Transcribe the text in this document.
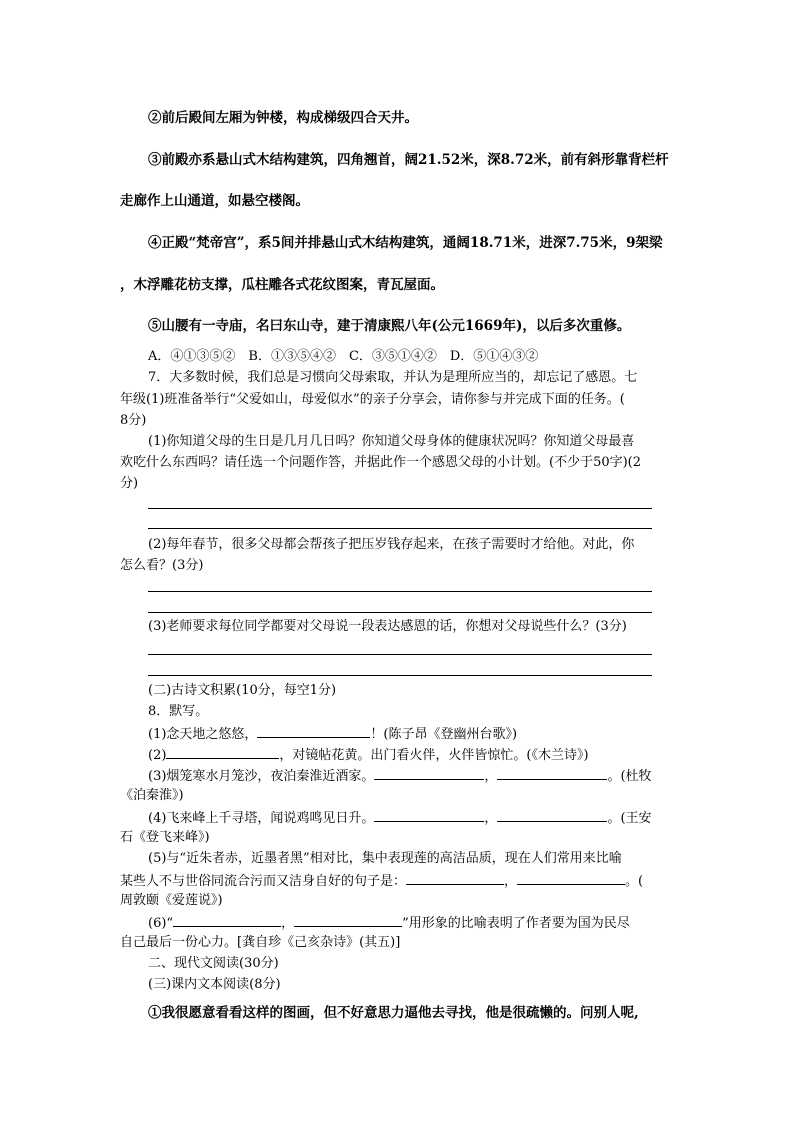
②前后殿间左厢为钟楼，构成梯级四合天井。
③前殿亦系悬山式木结构建筑，四角翘首，阔21.52米，深8.72米，前有斜形靠背栏杆
走廊作上山通道，如悬空楼阁。
④正殿“梵帝宫”，系5间并排悬山式木结构建筑，通阔18.71米，进深7.75米，9架梁
，木浮雕花枋支撑，瓜柱雕各式花纹图案，青瓦屋面。
⑤山腰有一寺庙，名曰东山寺，建于清康熙八年(公元1669年)，以后多次重修。
A．④①③⑤②　B．①③⑤④②　C．③⑤①④②　D．⑤①④③②
7．大多数时候，我们总是习惯向父母索取，并认为是理所应当的，却忘记了感恩。七
年级(1)班准备举行“父爱如山，母爱似水”的亲子分享会，请你参与并完成下面的任务。(
8分)
(1)你知道父母的生日是几月几日吗？你知道父母身体的健康状况吗？你知道父母最喜
欢吃什么东西吗？请任选一个问题作答，并据此作一个感恩父母的小计划。(不少于50字)(2
分)
(2)每年春节，很多父母都会帮孩子把压岁钱存起来，在孩子需要时才给他。对此，你
怎么看？(3分)
(3)老师要求每位同学都要对父母说一段表达感恩的话，你想对父母说些什么？(3分)
(二)古诗文积累(10分，每空1分)
8．默写。
(1)念天地之悠悠，	！(陈子昂《登幽州台歌》)
(2)	，对镜帖花黄。出门看火伴，火伴皆惊忙。(《木兰诗》)
(3)烟笼寒水月笼沙，夜泊秦淮近酒家。	，	。(杜牧
《泊秦淮》)
(4)飞来峰上千寻塔，闻说鸡鸣见日升。	，	。(王安
石《登飞来峰》)
(5)与“近朱者赤，近墨者黑”相对比，集中表现莲的高洁品质，现在人们常用来比喻
某些人不与世俗同流合污而又洁身自好的句子是：	，	。(
周敦颐《爱莲说》)
(6)“	，	”用形象的比喻表明了作者要为国为民尽
自己最后一份心力。[龚自珍《己亥杂诗》(其五)]
二、现代文阅读(30分)
(三)课内文本阅读(8分)
①我很愿意看看这样的图画，但不好意思力逼他去寻找，他是很疏懒的。问别人呢,
